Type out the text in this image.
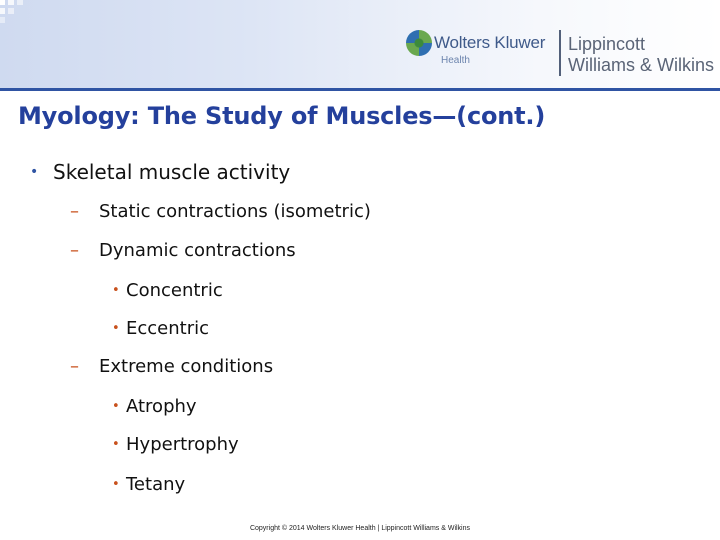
Wolters Kluwer
Health
Lippincott
Williams & Wilkins
Myology: The Study of Muscles—(cont.)
• Skeletal muscle activity
– Static contractions (isometric)
– Dynamic contractions
• Concentric
• Eccentric
– Extreme conditions
• Atrophy
• Hypertrophy
• Tetany
Copyright © 2014 Wolters Kluwer Health | Lippincott Williams & Wilkins
